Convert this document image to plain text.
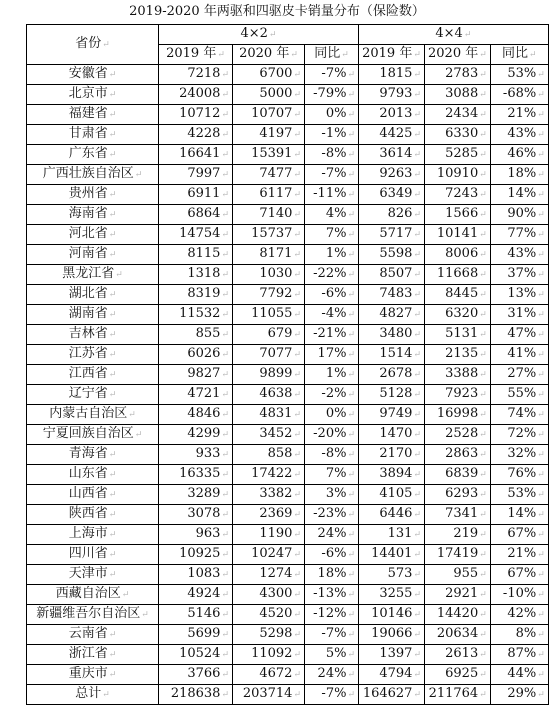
2019-2020 年两驱和四驱皮卡销量分布（保险数）
省份↵	4×2↵			4×4↵		
	2019 年↵	2020 年↵	同比↵	2019 年↵	2020 年↵	同比↵
安徽省↵	7218↵	6700↵	-7%↵	1815↵	2783↵	53%↵
北京市↵	24008↵	5000↵	-79%↵	9793↵	3088↵	-68%↵
福建省↵	10712↵	10707↵	0%↵	2013↵	2434↵	21%↵
甘肃省↵	4228↵	4197↵	-1%↵	4425↵	6330↵	43%↵
广东省↵	16641↵	15391↵	-8%↵	3614↵	5285↵	46%↵
广西壮族自治区↵	7997↵	7477↵	-7%↵	9263↵	10910↵	18%↵
贵州省↵	6911↵	6117↵	-11%↵	6349↵	7243↵	14%↵
海南省↵	6864↵	7140↵	4%↵	826↵	1566↵	90%↵
河北省↵	14754↵	15737↵	7%↵	5717↵	10141↵	77%↵
河南省↵	8115↵	8171↵	1%↵	5598↵	8006↵	43%↵
黑龙江省↵	1318↵	1030↵	-22%↵	8507↵	11668↵	37%↵
湖北省↵	8319↵	7792↵	-6%↵	7483↵	8445↵	13%↵
湖南省↵	11532↵	11055↵	-4%↵	4827↵	6320↵	31%↵
吉林省↵	855↵	679↵	-21%↵	3480↵	5131↵	47%↵
江苏省↵	6026↵	7077↵	17%↵	1514↵	2135↵	41%↵
江西省↵	9827↵	9899↵	1%↵	2678↵	3388↵	27%↵
辽宁省↵	4721↵	4638↵	-2%↵	5128↵	7923↵	55%↵
内蒙古自治区↵	4846↵	4831↵	0%↵	9749↵	16998↵	74%↵
宁夏回族自治区↵	4299↵	3452↵	-20%↵	1470↵	2528↵	72%↵
青海省↵	933↵	858↵	-8%↵	2170↵	2863↵	32%↵
山东省↵	16335↵	17422↵	7%↵	3894↵	6839↵	76%↵
山西省↵	3289↵	3382↵	3%↵	4105↵	6293↵	53%↵
陕西省↵	3078↵	2369↵	-23%↵	6446↵	7341↵	14%↵
上海市↵	963↵	1190↵	24%↵	131↵	219↵	67%↵
四川省↵	10925↵	10247↵	-6%↵	14401↵	17419↵	21%↵
天津市↵	1083↵	1274↵	18%↵	573↵	955↵	67%↵
西藏自治区↵	4924↵	4300↵	-13%↵	3255↵	2921↵	-10%↵
新疆维吾尔自治区↵	5146↵	4520↵	-12%↵	10146↵	14420↵	42%↵
云南省↵	5699↵	5298↵	-7%↵	19066↵	20634↵	8%↵
浙江省↵	10524↵	11092↵	5%↵	1397↵	2613↵	87%↵
重庆市↵	3766↵	4672↵	24%↵	4794↵	6925↵	44%↵
总计↵	218638↵	203714↵	-7%↵	164627↵	211764↵	29%↵
